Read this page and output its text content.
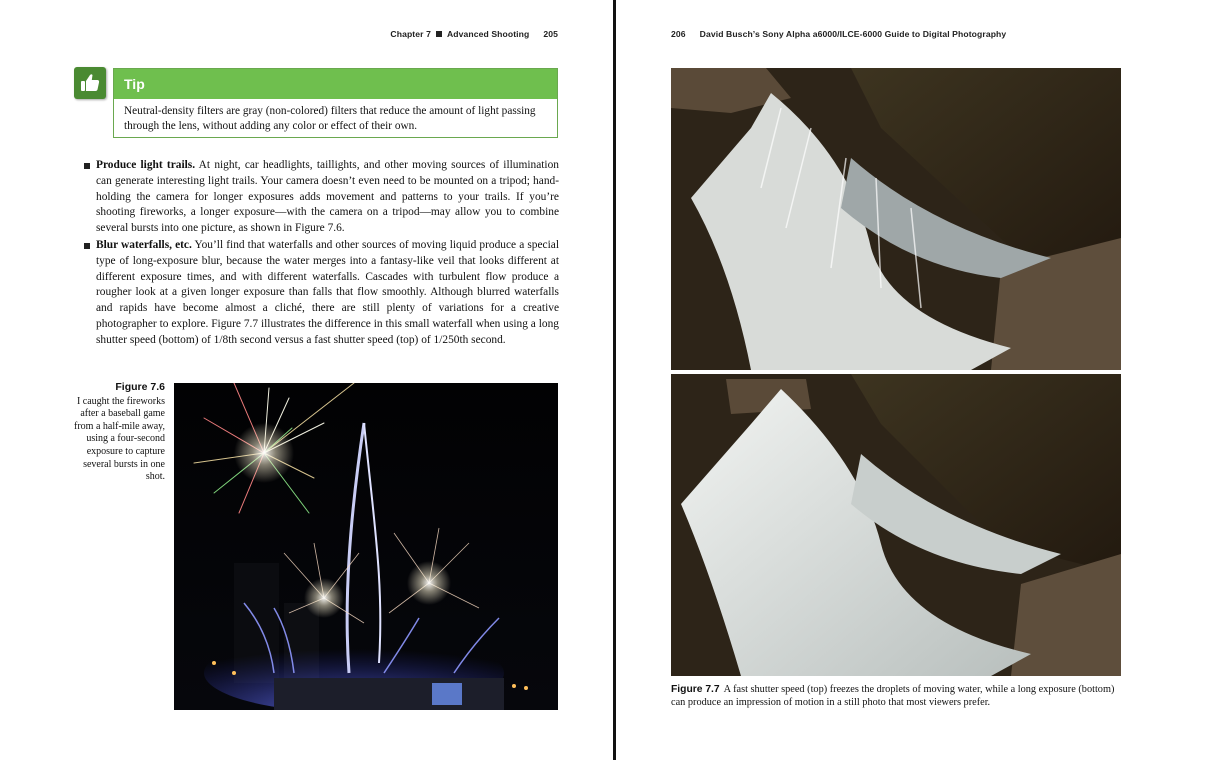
Chapter 7 Advanced Shooting 205
Tip
Neutral-density filters are gray (non-colored) filters that reduce the amount of light passing through the lens, without adding any color or effect of their own.
Produce light trails. At night, car headlights, taillights, and other moving sources of illumination can generate interesting light trails. Your camera doesn’t even need to be mounted on a tripod; hand-holding the camera for longer exposures adds movement and patterns to your trails. If you’re shooting fireworks, a longer exposure—with the camera on a tripod—may allow you to combine several bursts into one picture, as shown in Figure 7.6.
Blur waterfalls, etc. You’ll find that waterfalls and other sources of moving liquid produce a special type of long-exposure blur, because the water merges into a fantasy-like veil that looks different at different exposure times, and with different waterfalls. Cascades with turbulent flow produce a rougher look at a given longer exposure than falls that flow smoothly. Although blurred waterfalls and rapids have become almost a cliché, there are still plenty of variations for a creative photographer to explore. Figure 7.7 illustrates the difference in this small waterfall when using a long shutter speed (bottom) of 1/8th second versus a fast shutter speed (top) of 1/250th second.
Figure 7.6
I caught the fireworks after a baseball game from a half-mile away, using a four-second exposure to capture several bursts in one shot.
206 David Busch’s Sony Alpha a6000/ILCE-6000 Guide to Digital Photography
Figure 7.7 A fast shutter speed (top) freezes the droplets of moving water, while a long exposure (bottom) can produce an impression of motion in a still photo that most viewers prefer.
